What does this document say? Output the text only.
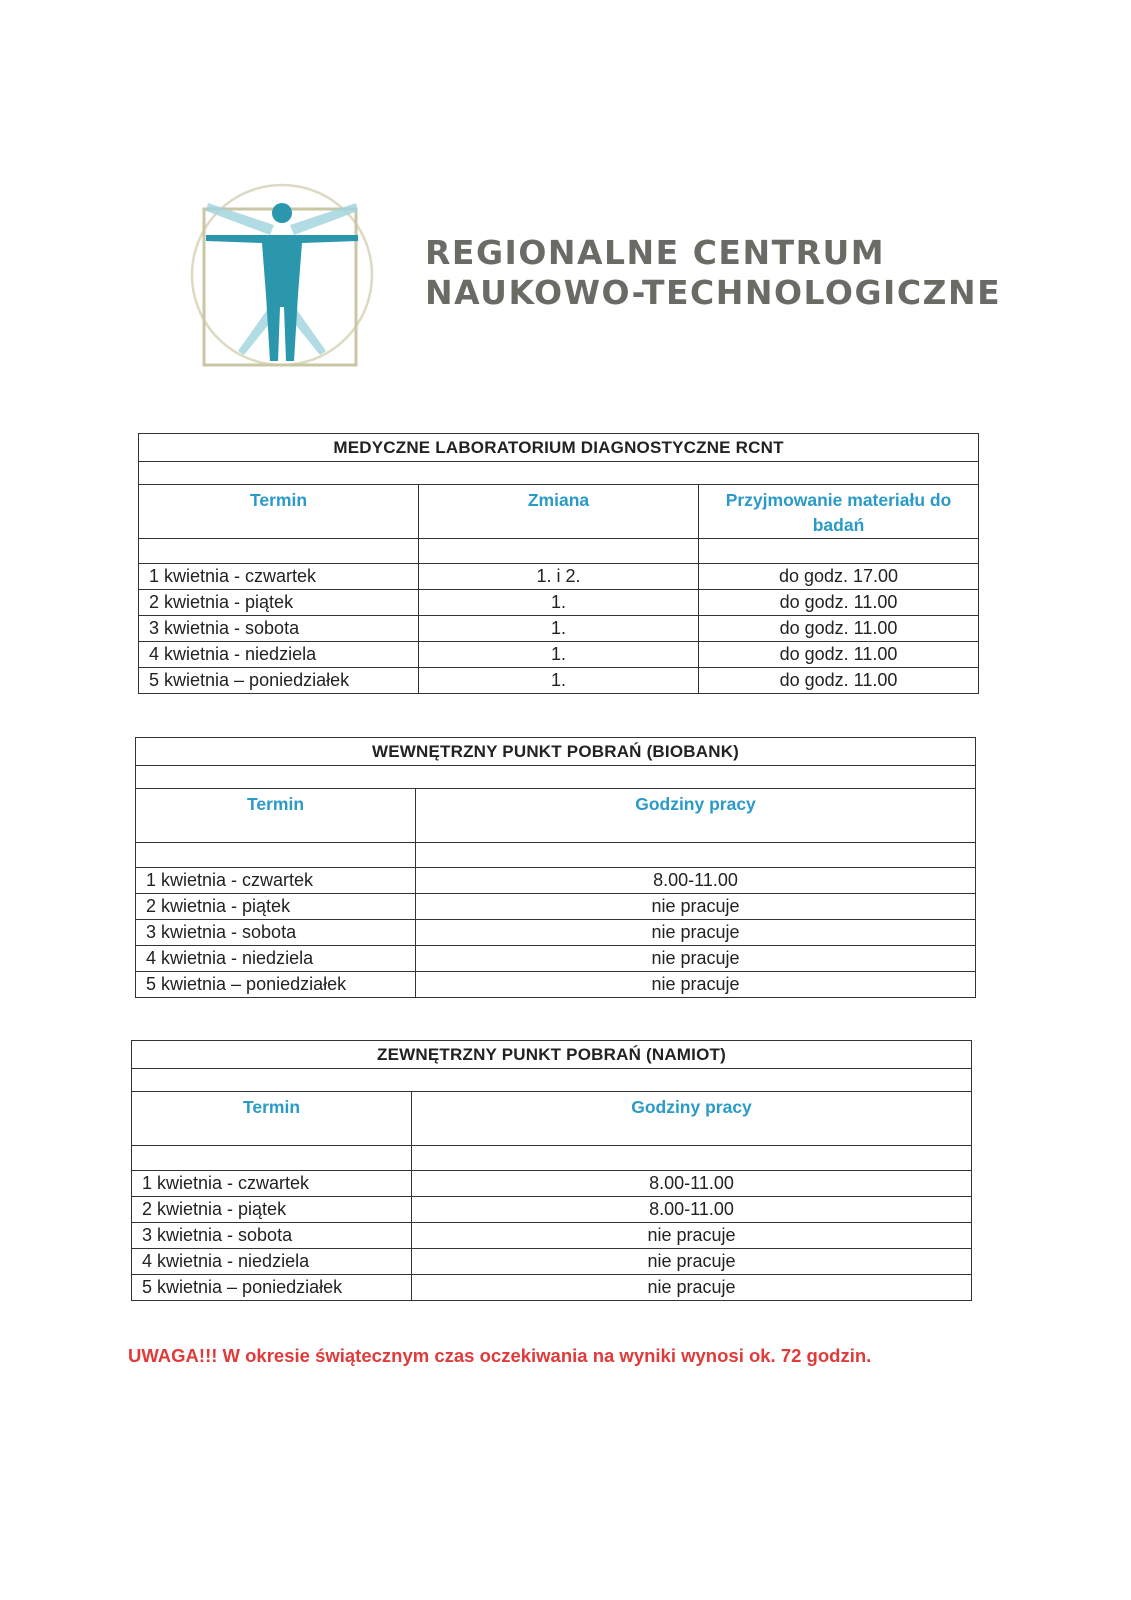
REGIONALNE CENTRUM
NAUKOWO-TECHNOLOGICZNE
MEDYCZNE LABORATORIUM DIAGNOSTYCZNE RCNT		

Termin	Zmiana	Przyjmowanie materiału do badań

1 kwietnia - czwartek	1. i 2.	do godz. 17.00
2 kwietnia - piątek	1.	do godz. 11.00
3 kwietnia - sobota	1.	do godz. 11.00
4 kwietnia - niedziela	1.	do godz. 11.00
5 kwietnia – poniedziałek	1.	do godz. 11.00
WEWNĘTRZNY PUNKT POBRAŃ (BIOBANK)	

Termin	Godziny pracy

1 kwietnia - czwartek	8.00-11.00
2 kwietnia - piątek	nie pracuje
3 kwietnia - sobota	nie pracuje
4 kwietnia - niedziela	nie pracuje
5 kwietnia – poniedziałek	nie pracuje
ZEWNĘTRZNY PUNKT POBRAŃ (NAMIOT)	

Termin	Godziny pracy

1 kwietnia - czwartek	8.00-11.00
2 kwietnia - piątek	8.00-11.00
3 kwietnia - sobota	nie pracuje
4 kwietnia - niedziela	nie pracuje
5 kwietnia – poniedziałek	nie pracuje
UWAGA!!! W okresie świątecznym czas oczekiwania na wyniki wynosi ok. 72 godzin.
